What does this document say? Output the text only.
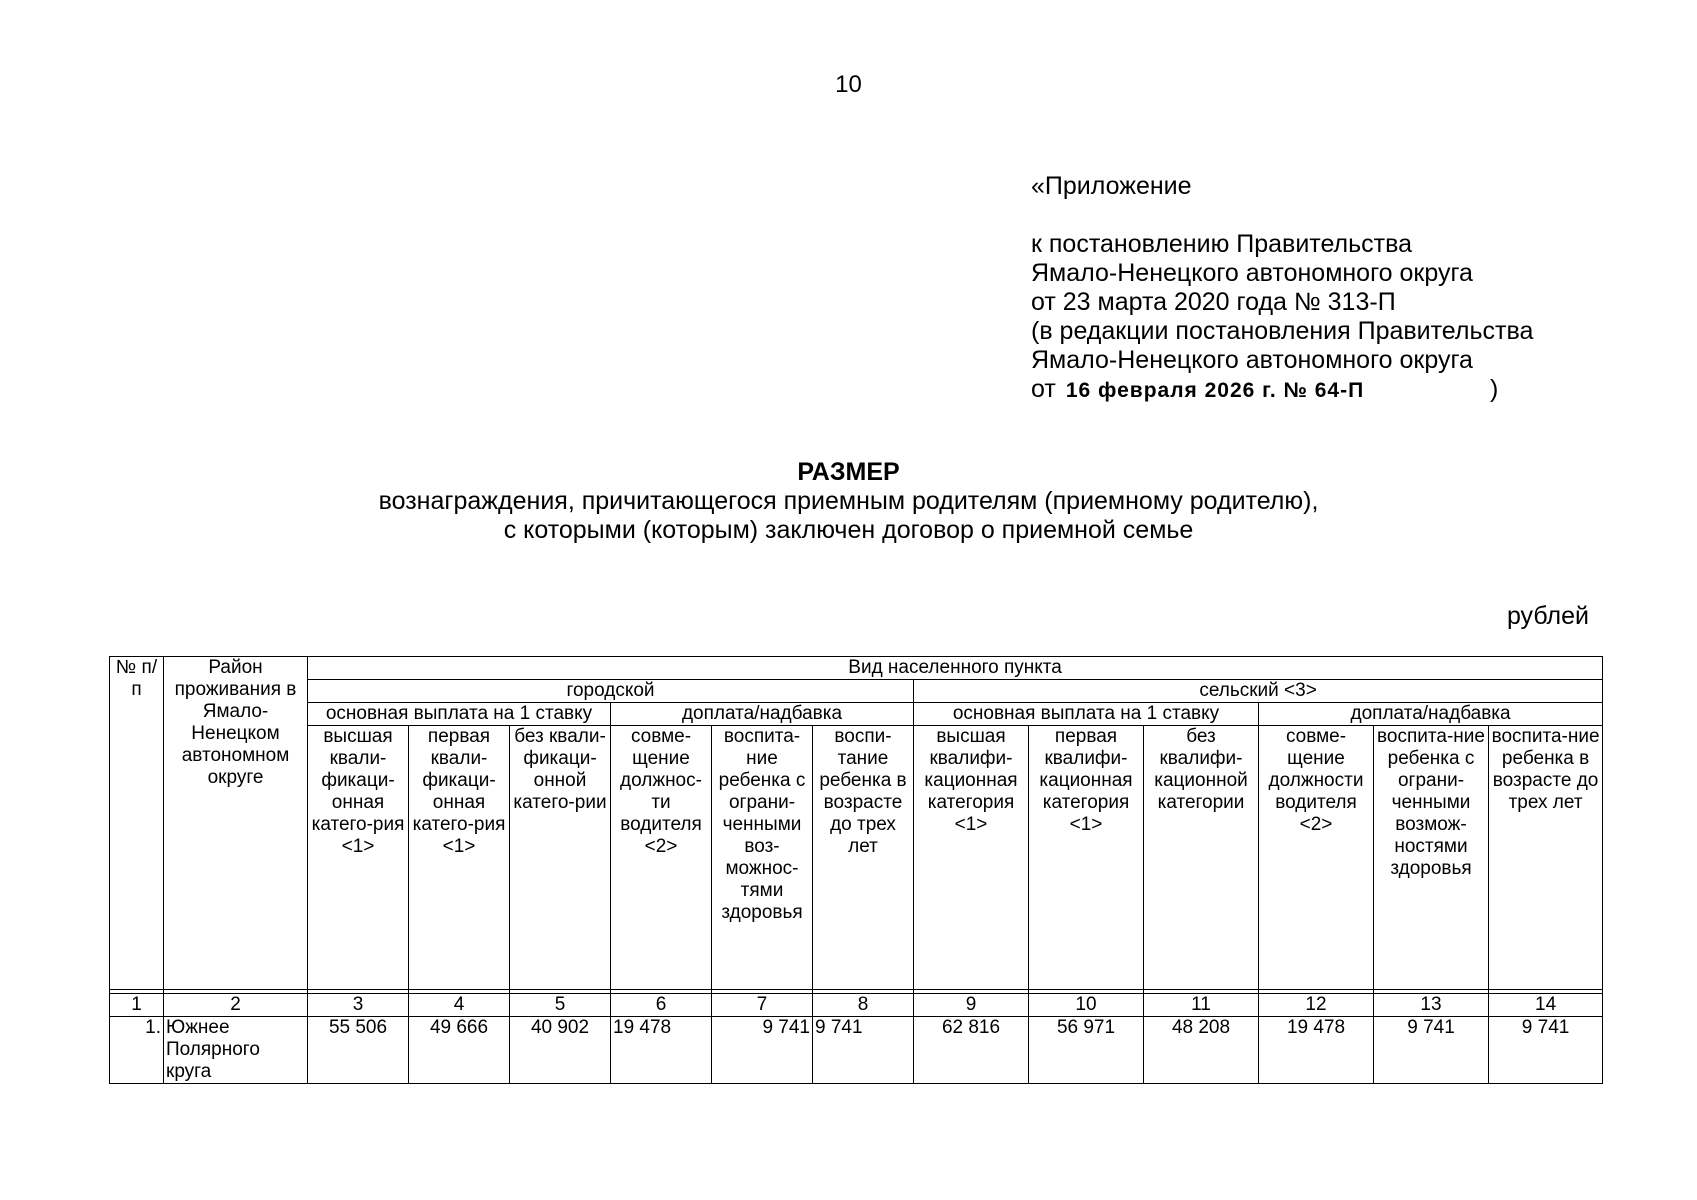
10
«Приложение
к постановлению Правительства
Ямало-Ненецкого автономного округа
от 23 марта 2020 года № 313-П
(в редакции постановления Правительства
Ямало-Ненецкого автономного округа
от 16 февраля 2026 г. № 64-П	)
РАЗМЕР
вознаграждения, причитающегося приемным родителям (приемному родителю),
с которыми (которым) заключен договор о приемной семье
рублей
№ п/п	Район проживания в Ямало-Ненецком автономном округе	Вид населенного пункта											
		городской						сельский <3>					
		основная выплата на 1 ставку			доплата/надбавка			основная выплата на 1 ставку			доплата/надбавка		
		высшая квали-фикаци-онная катего-рия <1>	первая квали-фикаци-онная катего-рия <1>	без квали-фикаци-онной катего-рии	совме-щение должнос-ти водителя <2>	воспита-ние ребенка с ограни-ченными воз-можнос-тями здоровья	воспи-тание ребенка в возрасте до трех лет	высшая квалифи-кационная категория <1>	первая квалифи-кационная категория <1>	без квалифи-кационной категории	совме-щение должности водителя <2>	воспита-ние ребенка с ограни-ченными возмож-ностями здоровья	воспита-ние ребенка в возрасте до трех лет

1	2	3	4	5	6	7	8	9	10	11	12	13	14
1.	Южнее Полярного круга	55 506	49 666	40 902	19 478	9 741	9 741	62 816	56 971	48 208	19 478	9 741	9 741
